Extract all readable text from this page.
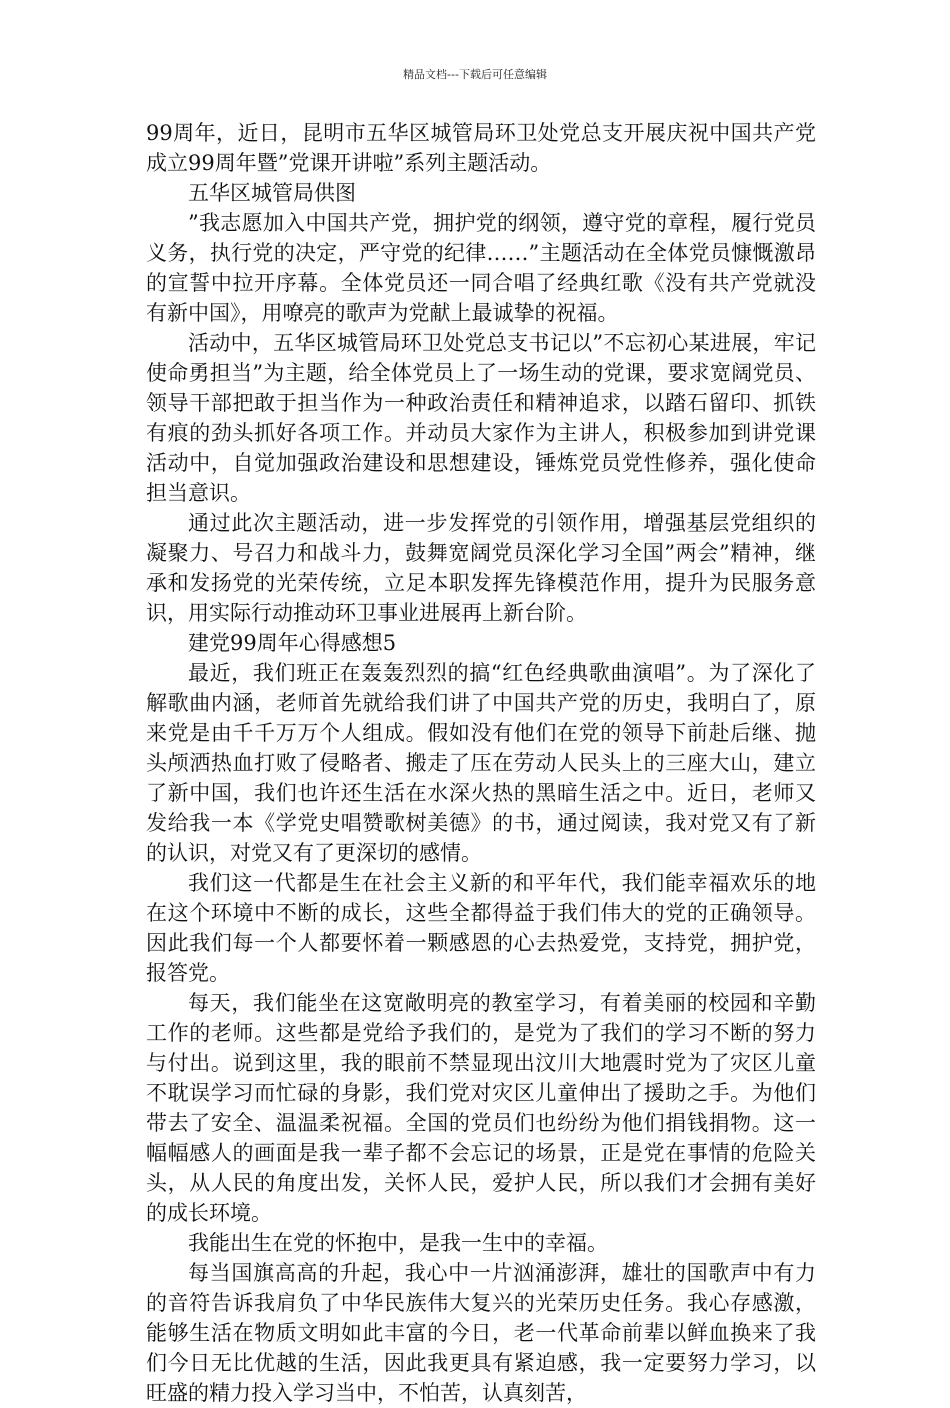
精品文档---下载后可任意编辑

99周年，近日，昆明市五华区城管局环卫处党总支开展庆祝中国共产党成立99周年暨”党课开讲啦”系列主题活动。

五华区城管局供图

”我志愿加入中国共产党，拥护党的纲领，遵守党的章程，履行党员义务，执行党的决定，严守党的纪律……”主题活动在全体党员慷慨激昂的宣誓中拉开序幕。全体党员还一同合唱了经典红歌《没有共产党就没有新中国》，用嘹亮的歌声为党献上最诚挚的祝福。

活动中，五华区城管局环卫处党总支书记以”不忘初心某进展，牢记使命勇担当”为主题，给全体党员上了一场生动的党课，要求宽阔党员、领导干部把敢于担当作为一种政治责任和精神追求，以踏石留印、抓铁有痕的劲头抓好各项工作。并动员大家作为主讲人，积极参加到讲党课活动中，自觉加强政治建设和思想建设，锤炼党员党性修养，强化使命担当意识。

通过此次主题活动，进一步发挥党的引领作用，增强基层党组织的凝聚力、号召力和战斗力，鼓舞宽阔党员深化学习全国”两会”精神，继承和发扬党的光荣传统，立足本职发挥先锋模范作用，提升为民服务意识，用实际行动推动环卫事业进展再上新台阶。

建党99周年心得感想5

最近，我们班正在轰轰烈烈的搞“红色经典歌曲演唱”。为了深化了解歌曲内涵，老师首先就给我们讲了中国共产党的历史，我明白了，原来党是由千千万万个人组成。假如没有他们在党的领导下前赴后继、抛头颅洒热血打败了侵略者、搬走了压在劳动人民头上的三座大山，建立了新中国，我们也许还生活在水深火热的黑暗生活之中。近日，老师又发给我一本《学党史唱赞歌树美德》的书，通过阅读，我对党又有了新的认识，对党又有了更深切的感情。

我们这一代都是生在社会主义新的和平年代，我们能幸福欢乐的地在这个环境中不断的成长，这些全都得益于我们伟大的党的正确领导。因此我们每一个人都要怀着一颗感恩的心去热爱党，支持党，拥护党，报答党。

每天，我们能坐在这宽敞明亮的教室学习，有着美丽的校园和辛勤工作的老师。这些都是党给予我们的，是党为了我们的学习不断的努力与付出。说到这里，我的眼前不禁显现出汶川大地震时党为了灾区儿童不耽误学习而忙碌的身影，我们党对灾区儿童伸出了援助之手。为他们带去了安全、温温柔祝福。全国的党员们也纷纷为他们捐钱捐物。这一幅幅感人的画面是我一辈子都不会忘记的场景，正是党在事情的危险关头，从人民的角度出发，关怀人民，爱护人民，所以我们才会拥有美好的成长环境。

我能出生在党的怀抱中，是我一生中的幸福。

每当国旗高高的升起，我心中一片汹涌澎湃，雄壮的国歌声中有力的音符告诉我肩负了中华民族伟大复兴的光荣历史任务。我心存感激，能够生活在物质文明如此丰富的今日，老一代革命前辈以鲜血换来了我们今日无比优越的生活，因此我更具有紧迫感，我一定要努力学习，以旺盛的精力投入学习当中，不怕苦，认真刻苦，
